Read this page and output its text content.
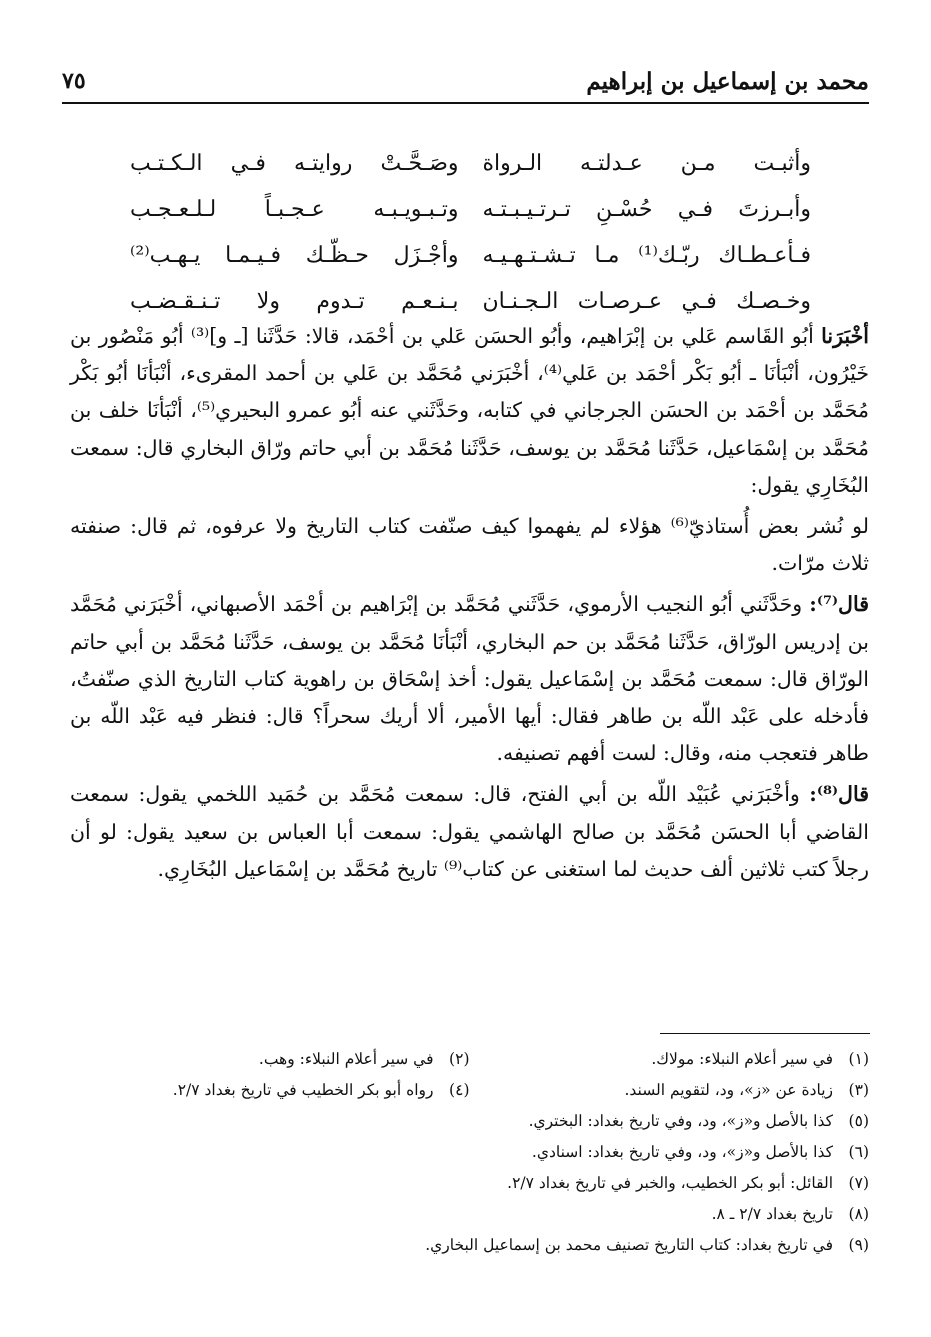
محمد بن إسماعيل بن إبراهيم
٧٥
وأثبـت مـن عـدلتـه الـرواة
وصَـحَّـتْ روايتـه فـي الـكـتـب
وأبـرزتَ فـي حُسْـنِ تـرتـيـبـتـه
وتـبـويـبـه عـجـبـاً لـلـعـجـب
فـأعـطـاك ربّـك⁽¹⁾ مـا تـشـتـهـيـه
وأجْـزَل حـظّـك فـيـمـا يـهـب⁽²⁾
وخـصـك فـي عـرصـات الـجـنـان
بـنـعـم تـدوم ولا تـنـقـضـب

أخْبَرَنا أبُو القَاسم عَلي بن إبْرَاهيم، وأبُو الحسَن عَلي بن أحْمَد، قالا: حَدَّثَنا [ـ و]⁽³⁾ أبُو مَنْصُور بن خَيْرُون، أنْبَأنَا ـ أبُو بَكْر أحْمَد بن عَلي⁽⁴⁾، أخْبَرَني مُحَمَّد بن عَلي بن أحمد المقرىء، أنْبَأنَا أبُو بَكْر مُحَمَّد بن أحْمَد بن الحسَن الجرجاني في كتابه، وحَدَّثَني عنه أبُو عمرو البحيري⁽⁵⁾، أنْبَأنَا خلف بن مُحَمَّد بن إسْمَاعيل، حَدَّثَنا مُحَمَّد بن يوسف، حَدَّثَنا مُحَمَّد بن أبي حاتم ورّاق البخاري قال: سمعت البُخَارِي يقول:

لو نُشر بعض أُستاذيّ⁽⁶⁾ هؤلاء لم يفهموا كيف صنّفت كتاب التاريخ ولا عرفوه، ثم قال: صنفته ثلاث مرّات.

قال⁽⁷⁾: وحَدَّثَني أبُو النجيب الأرموي، حَدَّثَني مُحَمَّد بن إبْرَاهيم بن أحْمَد الأصبهاني، أخْبَرَني مُحَمَّد بن إدريس الورّاق، حَدَّثَنا مُحَمَّد بن حم البخاري، أنْبَأنَا مُحَمَّد بن يوسف، حَدَّثَنا مُحَمَّد بن أبي حاتم الورّاق قال: سمعت مُحَمَّد بن إسْمَاعيل يقول: أخذ إسْحَاق بن راهوية كتاب التاريخ الذي صنّفتُ، فأدخله على عَبْد اللّه بن طاهر فقال: أيها الأمير، ألا أريك سحراً؟ قال: فنظر فيه عَبْد اللّه بن طاهر فتعجب منه، وقال: لست أفهم تصنيفه.

قال⁽⁸⁾: وأخْبَرَني عُبَيْد اللّه بن أبي الفتح، قال: سمعت مُحَمَّد بن حُمَيد اللخمي يقول: سمعت القاضي أبا الحسَن مُحَمَّد بن صالح الهاشمي يقول: سمعت أبا العباس بن سعيد يقول: لو أن رجلاً كتب ثلاثين ألف حديث لما استغنى عن كتاب⁽⁹⁾ تاريخ مُحَمَّد بن إسْمَاعيل البُخَارِي.

(١)
في سير أعلام النبلاء: مولاك.
(٢)
في سير أعلام النبلاء: وهب.
(٣)
زيادة عن «ز»، ود، لتقويم السند.
(٤)
رواه أبو بكر الخطيب في تاريخ بغداد ٢/٧.
(٥)
كذا بالأصل و«ز»، ود، وفي تاريخ بغداد: البختري.
(٦)
كذا بالأصل و«ز»، ود، وفي تاريخ بغداد: اسنادي.
(٧)
القائل: أبو بكر الخطيب، والخبر في تاريخ بغداد ٢/٧.
(٨)
تاريخ بغداد ٢/٧ ـ ٨.
(٩)
في تاريخ بغداد: كتاب التاريخ تصنيف محمد بن إسماعيل البخاري.
